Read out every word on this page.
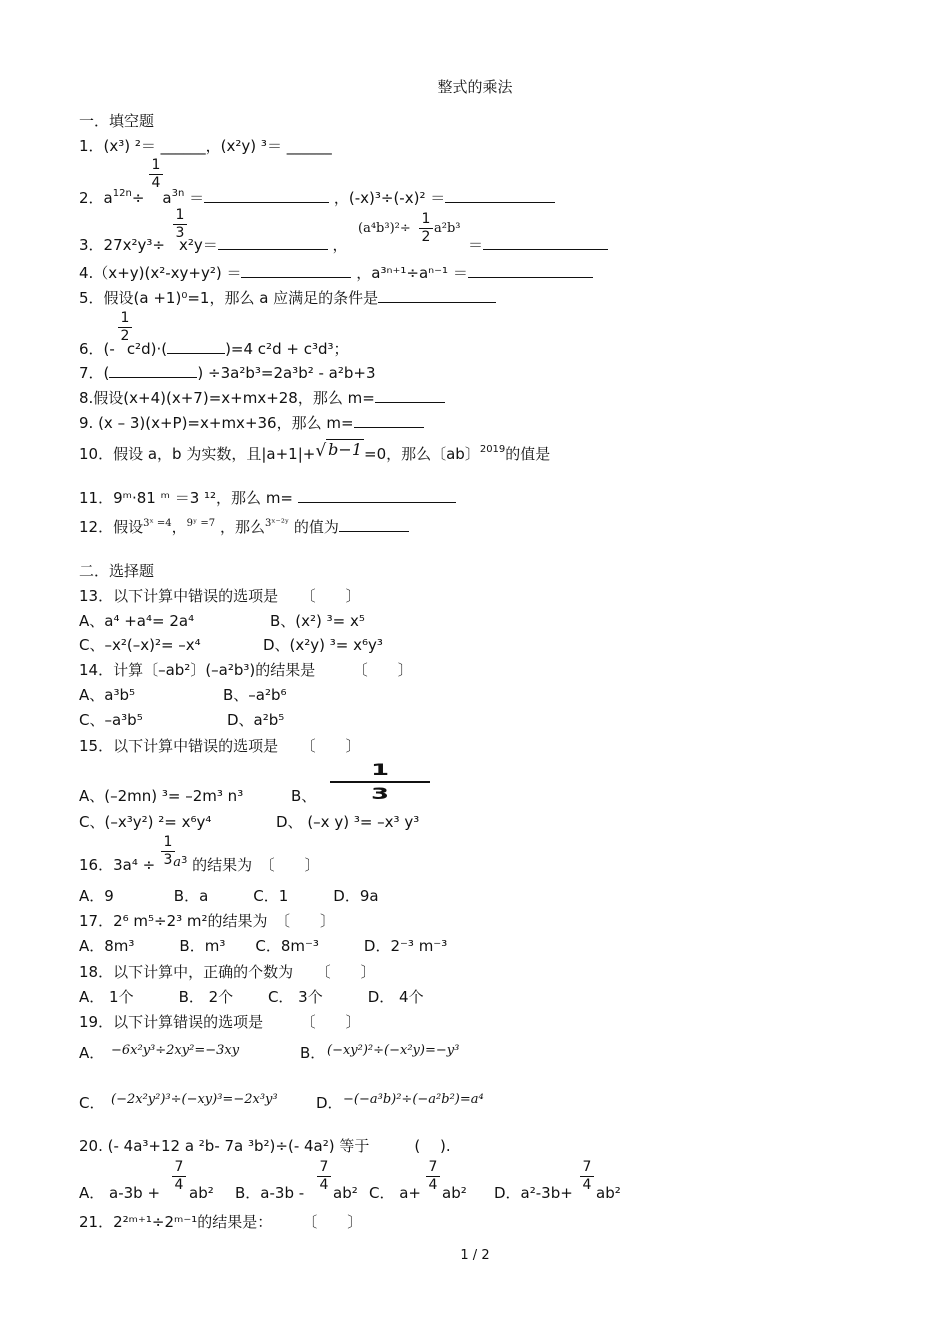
整式的乘法
一．填空题
1．(x³) ²＝ ______，(x²y) ³＝ ______
1
4
2．$a^{12n}\div a^{3n}$ ＝	，(-x)³÷(-x)² ＝
1
3
3．27x²y³÷ x²y＝	，
(a⁴b³)²÷
1
2
a²b³
＝
4.（x+y)(x²-xy+y²) ＝	，a³ⁿ⁺¹÷aⁿ⁻¹ ＝
5．假设(a +1)⁰=1，那么 a 应满足的条件是
1
2
6．(- c²d)·(	)=4 c²d + c³d³；
7．(	) ÷3a²b³=2a³b² - a²b+3
8.假设(x+4)(x+7)=x+mx+28，那么 m=
9. (x – 3)(x+P)=x+mx+36，那么 m=
10．假设 a，b 为实数，且|a+1|+√ b−1 =0，那么〔ab〕$^{2019}$的值是
11．9ᵐ·81 ᵐ ＝3 ¹²，那么 m=
12．假设$^{3ˣ =4}$，$^{9ʸ =7}$ ，那么$^{3ˣ^{-2}ʸ}$ 的值为
二．选择题
13．以下计算中错误的选项是　　〔　　〕
A、a⁴ +a⁴= 2a⁴	B、(x²) ³= x⁵
C、–x²(–x)²= –x⁴	D、(x²y) ³= x⁶y³
14．计算〔–ab²〕(–a²b³)的结果是　　　〔　　〕
A、a³b⁵	B、–a²b⁶
C、–a³b⁵	D、a²b⁵
15．以下计算中错误的选项是　　〔　　〕
1
3
A、(–2mn) ³= –2m³ n³	B、
C、(–x³y²) ²= x⁶y⁴	D、 (–x y) ³= –x³ y³
1
3
16．$3a^4 \div a^3$ 的结果为　〔　　〕
A．9　　　　B．a　　　C．1　　　D．9a
17．2⁶ m⁵÷2³ m²的结果为　〔　　〕
A．8m³　　　B．m³　　C．8m⁻³　　　D．2⁻³ m⁻³
18．以下计算中，正确的个数为　　〔　　〕
A． 1个　　　B． 2个　　 C． 3个　　　D． 4个
19．以下计算错误的选项是　　　〔　　〕
A． −6x²y³÷2xy²=−3xy	B． (−xy²)²÷(−x²y)=−y³
C． (−2x²y²)³÷(−xy)³=−2x³y³	D． −(−a³b)²÷(−a²b²)=a⁴
20. (- 4a³+12 a ²b- 7a ³b²)÷(- 4a²) 等于　　　(　 ).
7
4
7
4
7
4
7
4
A． a-3b + ab² B．a-3b - ab² C． a+ ab² D．a²-3b+ ab²
21．2²ᵐ⁺¹÷2ᵐ⁻¹的结果是：　　　〔　　〕
1 / 2
